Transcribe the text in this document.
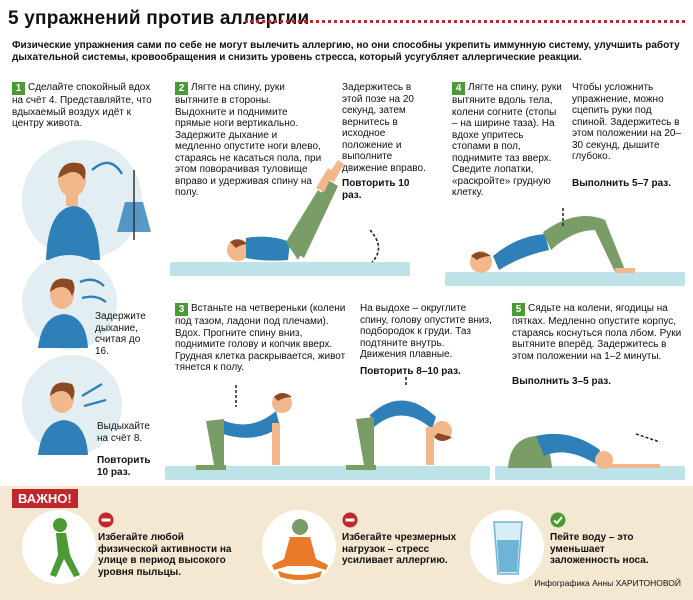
5 упражнений против аллергии
Физические упражнения сами по себе не могут вылечить аллергию, но они способны укрепить иммунную систему, улучшить работу дыхательной системы, кровообращения и снизить уровень стресса, который усугубляет аллергические реакции.
1 Сделайте спокойный вдох на счёт 4. Представляйте, что вдыхаемый воздух идёт к центру живота.
Задержите дыхание, считая до 16.
Выдыхайте на счёт 8.
Повторить 10 раз.
2 Лягте на спину, руки вытяните в стороны. Выдохните и поднимите прямые ноги вертикально. Задержите дыхание и медленно опустите ноги влево, стараясь не касаться пола, при этом поворачивая туловище вправо и удерживая спину на полу.
Задержитесь в этой позе на 20 секунд, затем вернитесь в исходное положение и выполните движение вправо.
Повторить 10 раз.
4 Лягте на спину, руки вытяните вдоль тела, колени согните (стопы – на ширине таза). На вдохе упритесь стопами в пол, поднимите таз вверх. Сведите лопатки, «раскройте» грудную клетку.
Чтобы усложнить упражнение, можно сцепить руки под спиной. Задержитесь в этом положении на 20–30 секунд, дышите глубоко.
Выполнить 5–7 раз.
3 Встаньте на четвереньки (колени под тазом, ладони под плечами). Вдох. Прогните спину вниз, поднимите голову и копчик вверх. Грудная клетка раскрывается, живот тянется к полу.
На выдохе – округлите спину, голову опустите вниз, подбородок к груди. Таз подтяните внутрь. Движения плавные.
Повторить 8–10 раз.
5 Сядьте на колени, ягодицы на пятках. Медленно опустите корпус, стараясь коснуться пола лбом. Руки вытяните вперёд. Задержитесь в этом положении на 1–2 минуты.
Выполнить 3–5 раз.
ВАЖНО!
Избегайте любой физической активности на улице в период высокого уровня пыльцы.
Избегайте чрезмерных нагрузок – стресс усиливает аллергию.
Пейте воду – это уменьшает заложенность носа.
Инфографика Анны ХАРИТОНОВОЙ
